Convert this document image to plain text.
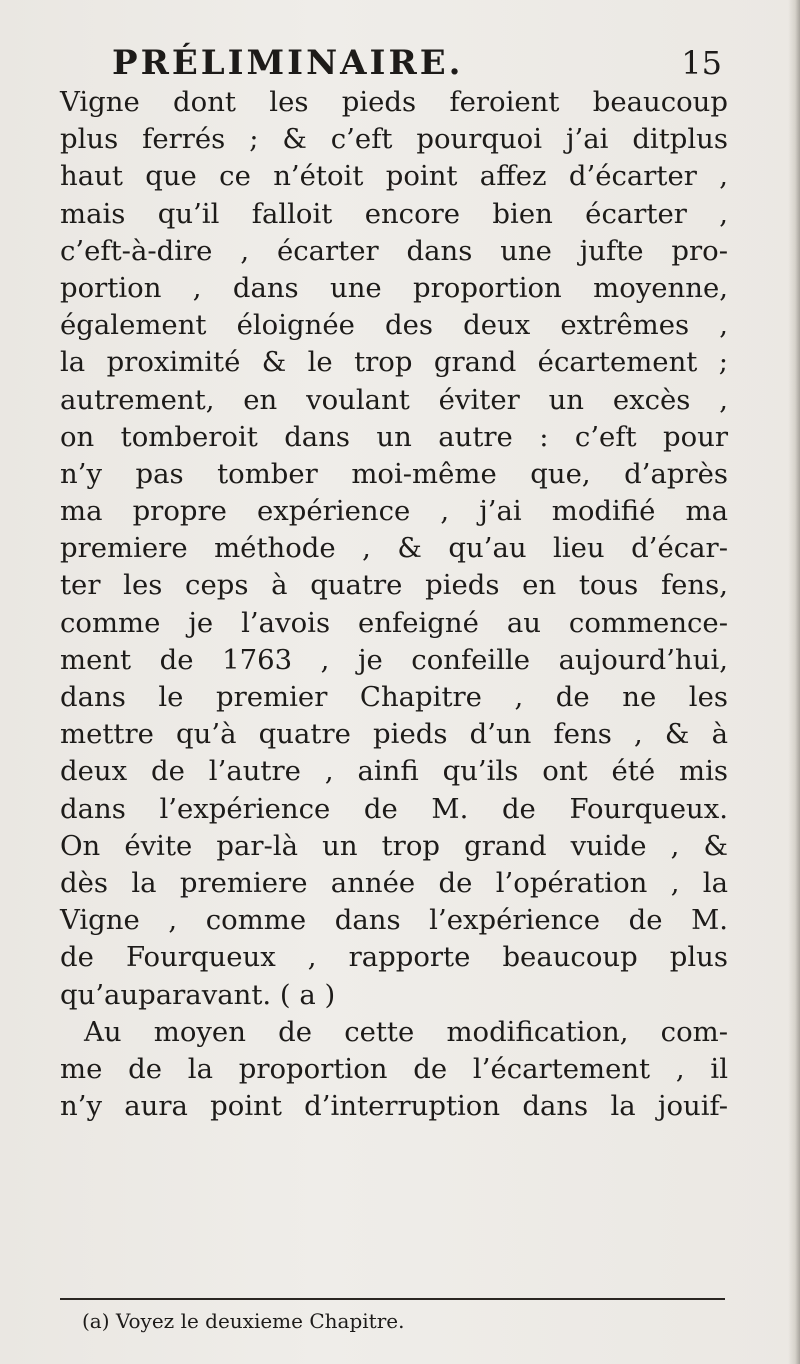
PRÉLIMINAIRE.	15
Vigne dont les pieds feroient beaucoup
plus ferrés ; & c’eft pourquoi j’ai ditplus
haut que ce n’étoit point affez d’écarter ,
mais qu’il falloit encore bien écarter ,
c’eft-à-dire , écarter dans une jufte pro-
portion , dans une proportion moyenne,
également éloignée des deux extrêmes ,
la proximité & le trop grand écartement ;
autrement, en voulant éviter un excès ,
on tomberoit dans un autre : c’eft pour
n’y pas tomber moi-même que, d’après
ma propre expérience , j’ai modifié ma
premiere méthode , & qu’au lieu d’écar-
ter les ceps à quatre pieds en tous fens,
comme je l’avois enfeigné au commence-
ment de 1763 , je confeille aujourd’hui,
dans le premier Chapitre , de ne les
mettre qu’à quatre pieds d’un fens , & à
deux de l’autre , ainfi qu’ils ont été mis
dans l’expérience de M. de Fourqueux.
On évite par-là un trop grand vuide , &
dès la premiere année de l’opération , la
Vigne , comme dans l’expérience de M.
de Fourqueux , rapporte beaucoup plus
qu’auparavant. ( a )
Au moyen de cette modification, com-
me de la proportion de l’écartement , il
n’y aura point d’interruption dans la jouif-
(a) Voyez le deuxieme Chapitre.
